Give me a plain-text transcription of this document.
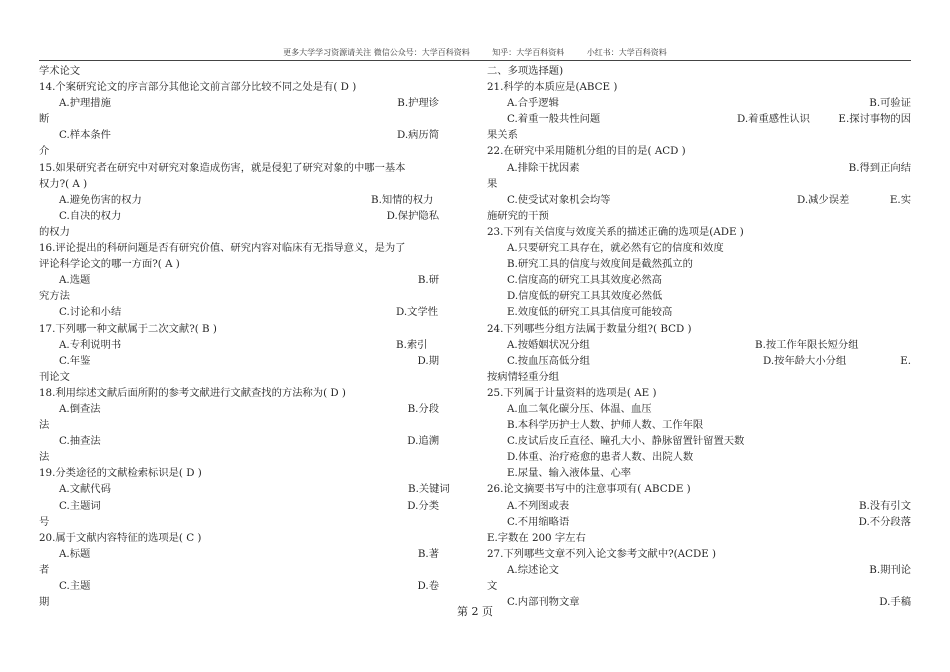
更多大学学习资源请关注 微信公众号：大学百科资料	知乎：大学百科资料	小红书：大学百科资料
学术论文
14.个案研究论文的序言部分其他论文前言部分比较不同之处是有( D )
A.护理措施	B.护理诊
断
C.样本条件	D.病历简
介
15.如果研究者在研究中对研究对象造成伤害，就是侵犯了研究对象的中哪一基本
权力?( A )
A.避免伤害的权力	B.知情的权力
C.自决的权力	D.保护隐私
的权力
16.评论提出的科研问题是否有研究价值、研究内容对临床有无指导意义，是为了
评论科学论文的哪一方面?( A )
A.选题	B.研
究方法
C.讨论和小结	D.文学性
17.下列哪一种文献属于二次文献?( B )
A.专利说明书	B.索引
C.年鉴	D.期
刊论文
18.利用综述文献后面所附的参考文献进行文献查找的方法称为( D )
A.倒查法	B.分段
法
C.抽查法	D.追溯
法
19.分类途径的文献检索标识是( D )
A.文献代码	B.关键词
C.主题词	D.分类
号
20.属于文献内容特征的选项是( C )
A.标题	B.著
者
C.主题	D.卷
期
二、多项选择题)
21.科学的本质应是(ABCE )
A.合乎逻辑	B.可验证
C.着重一般共性问题	D.着重感性认识	E.探讨事物的因
果关系
22.在研究中采用随机分组的目的是( ACD )
A.排除干扰因素	B.得到正向结
果
C.使受试对象机会均等	D.减少误差	E.实
施研究的干预
23.下列有关信度与效度关系的描述正确的选项是(ADE )
A.只要研究工具存在，就必然有它的信度和效度
B.研究工具的信度与效度间是截然孤立的
C.信度高的研究工具其效度必然高
D.信度低的研究工具其效度必然低
E.效度低的研究工具其信度可能较高
24.下列哪些分组方法属于数量分组?( BCD )
A.按婚姻状况分组	B.按工作年限长短分组
C.按血压高低分组	D.按年龄大小分组	E.
按病情轻重分组
25.下列属于计量资料的选项是( AE )
A.血二氧化碳分压、体温、血压
B.本科学历护士人数、护师人数、工作年限
C.皮试后皮丘直径、瞳孔大小、静脉留置针留置天数
D.体重、治疗疮愈的患者人数、出院人数
E.尿量、输入液体量、心率
26.论文摘要书写中的注意事项有( ABCDE )
A.不列图或表	B.没有引文
C.不用缩略语	D.不分段落
E.字数在 200 字左右
27.下列哪些文章不列入论文参考文献中?(ACDE )
A.综述论文	B.期刊论
文
C.内部刊物文章	D.手稿
第 2 页
